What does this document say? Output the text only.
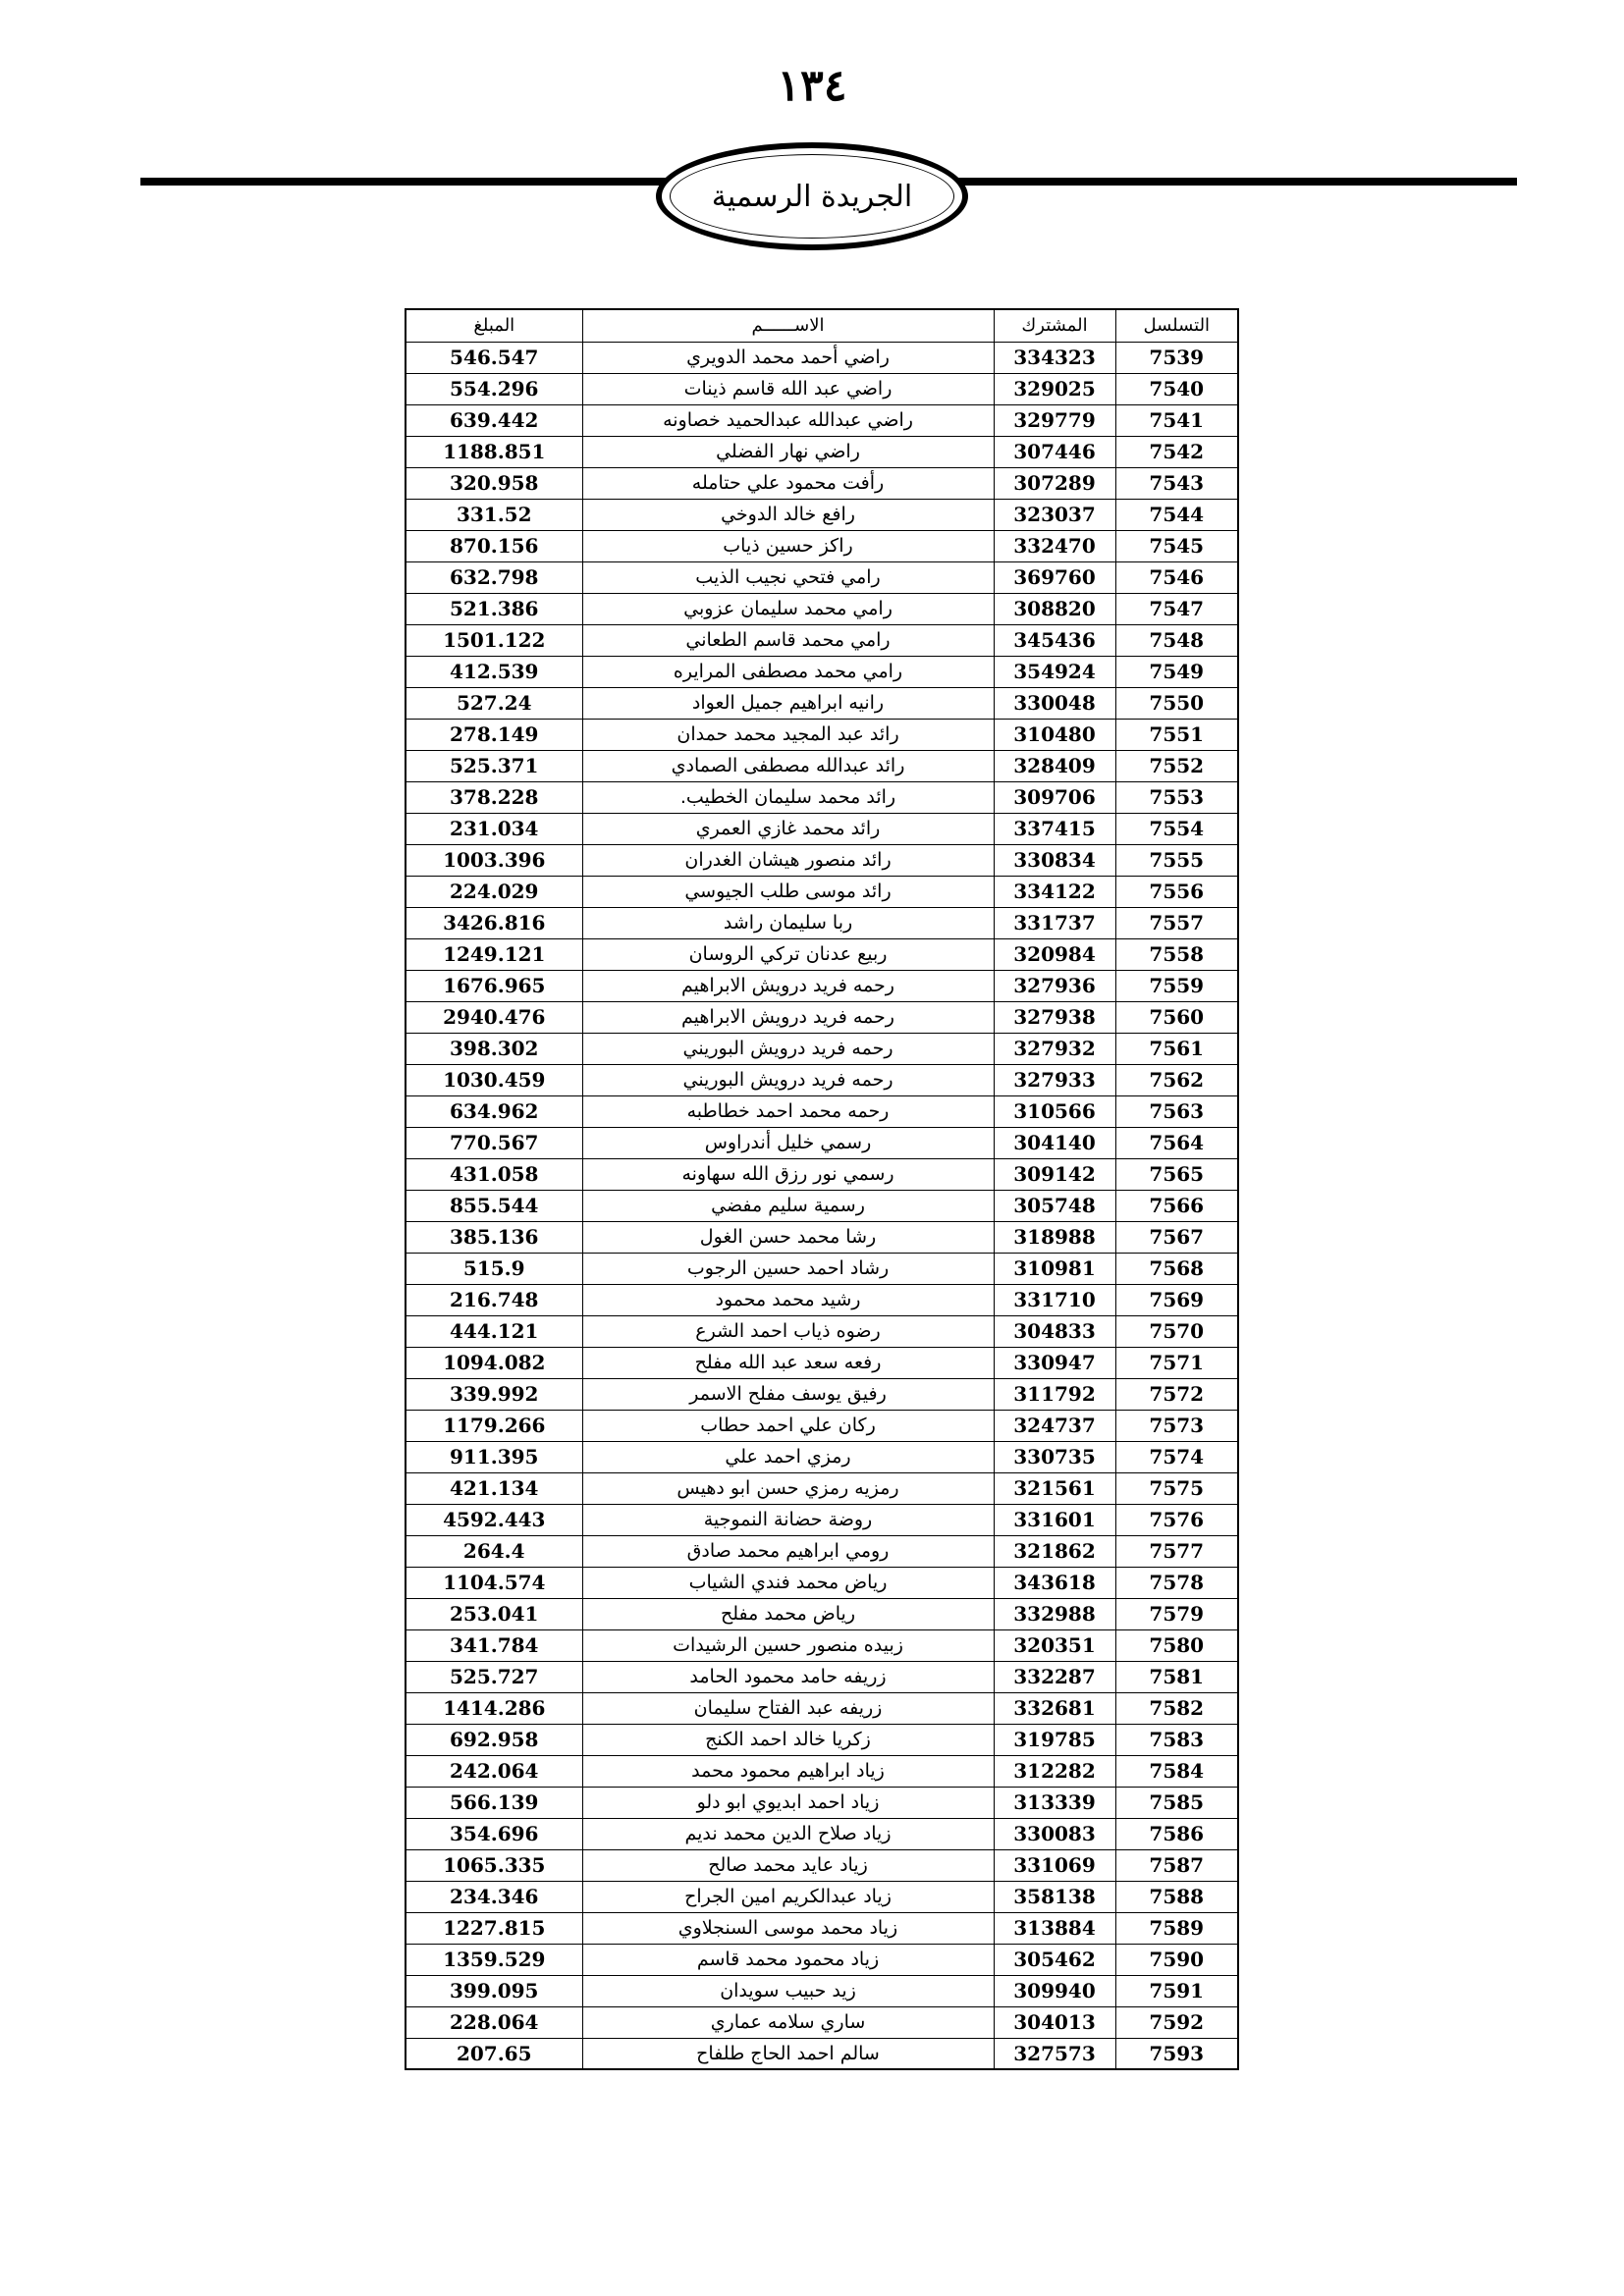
١٣٤
الجريدة الرسمية
التسلسل	المشترك	الاســــــم	المبلغ
7539	334323	راضي أحمد محمد الدويري	546.547
7540	329025	راضي عبد الله قاسم ذينات	554.296
7541	329779	راضي عبدالله عبدالحميد خصاونه	639.442
7542	307446	راضي نهار الفضلي	1188.851
7543	307289	رأفت محمود علي حتامله	320.958
7544	323037	رافع خالد الدوخي	331.52
7545	332470	راكز حسين ذياب	870.156
7546	369760	رامي فتحي نجيب الذيب	632.798
7547	308820	رامي محمد سليمان عزوبي	521.386
7548	345436	رامي محمد قاسم الطعاني	1501.122
7549	354924	رامي محمد مصطفى المرايره	412.539
7550	330048	رانيه ابراهيم جميل العواد	527.24
7551	310480	رائد عبد المجيد محمد حمدان	278.149
7552	328409	رائد عبدالله مصطفى الصمادي	525.371
7553	309706	رائد محمد سليمان الخطيب.	378.228
7554	337415	رائد محمد غازي العمري	231.034
7555	330834	رائد منصور هيشان الغدران	1003.396
7556	334122	رائد موسى طلب الجيوسي	224.029
7557	331737	ربا سليمان راشد	3426.816
7558	320984	ربيع عدنان تركي الروسان	1249.121
7559	327936	رحمه فريد درويش الابراهيم	1676.965
7560	327938	رحمه فريد درويش الابراهيم	2940.476
7561	327932	رحمه فريد درويش البوريني	398.302
7562	327933	رحمه فريد درويش البوريني	1030.459
7563	310566	رحمه محمد احمد خطاطبه	634.962
7564	304140	رسمي خليل أندراوس	770.567
7565	309142	رسمي نور رزق الله سهاونه	431.058
7566	305748	رسمية سليم مفضي	855.544
7567	318988	رشا محمد حسن الغول	385.136
7568	310981	رشاد احمد حسين الرجوب	515.9
7569	331710	رشيد محمد محمود	216.748
7570	304833	رضوه ذياب احمد الشرع	444.121
7571	330947	رفعه سعد عبد الله مفلح	1094.082
7572	311792	رفيق يوسف مفلح الاسمر	339.992
7573	324737	ركان علي احمد حطاب	1179.266
7574	330735	رمزي احمد علي	911.395
7575	321561	رمزيه رمزي حسن ابو دهيس	421.134
7576	331601	روضة حضانة النموجية	4592.443
7577	321862	رومي ابراهيم محمد صادق	264.4
7578	343618	رياض محمد فندي الشياب	1104.574
7579	332988	رياض محمد مفلح	253.041
7580	320351	زبيده منصور حسين الرشيدات	341.784
7581	332287	زريفه حامد محمود الحامد	525.727
7582	332681	زريفه عبد الفتاح سليمان	1414.286
7583	319785	زكريا خالد احمد الكنج	692.958
7584	312282	زياد ابراهيم محمود محمد	242.064
7585	313339	زياد احمد ابديوي ابو دلو	566.139
7586	330083	زياد صلاح الدين محمد نديم	354.696
7587	331069	زياد عايد محمد صالح	1065.335
7588	358138	زياد عبدالكريم امين الجراح	234.346
7589	313884	زياد محمد موسى السنجلاوي	1227.815
7590	305462	زياد محمود محمد قاسم	1359.529
7591	309940	زيد حبيب سويدان	399.095
7592	304013	ساري سلامه عماري	228.064
7593	327573	سالم احمد الحاج طلفاح	207.65
